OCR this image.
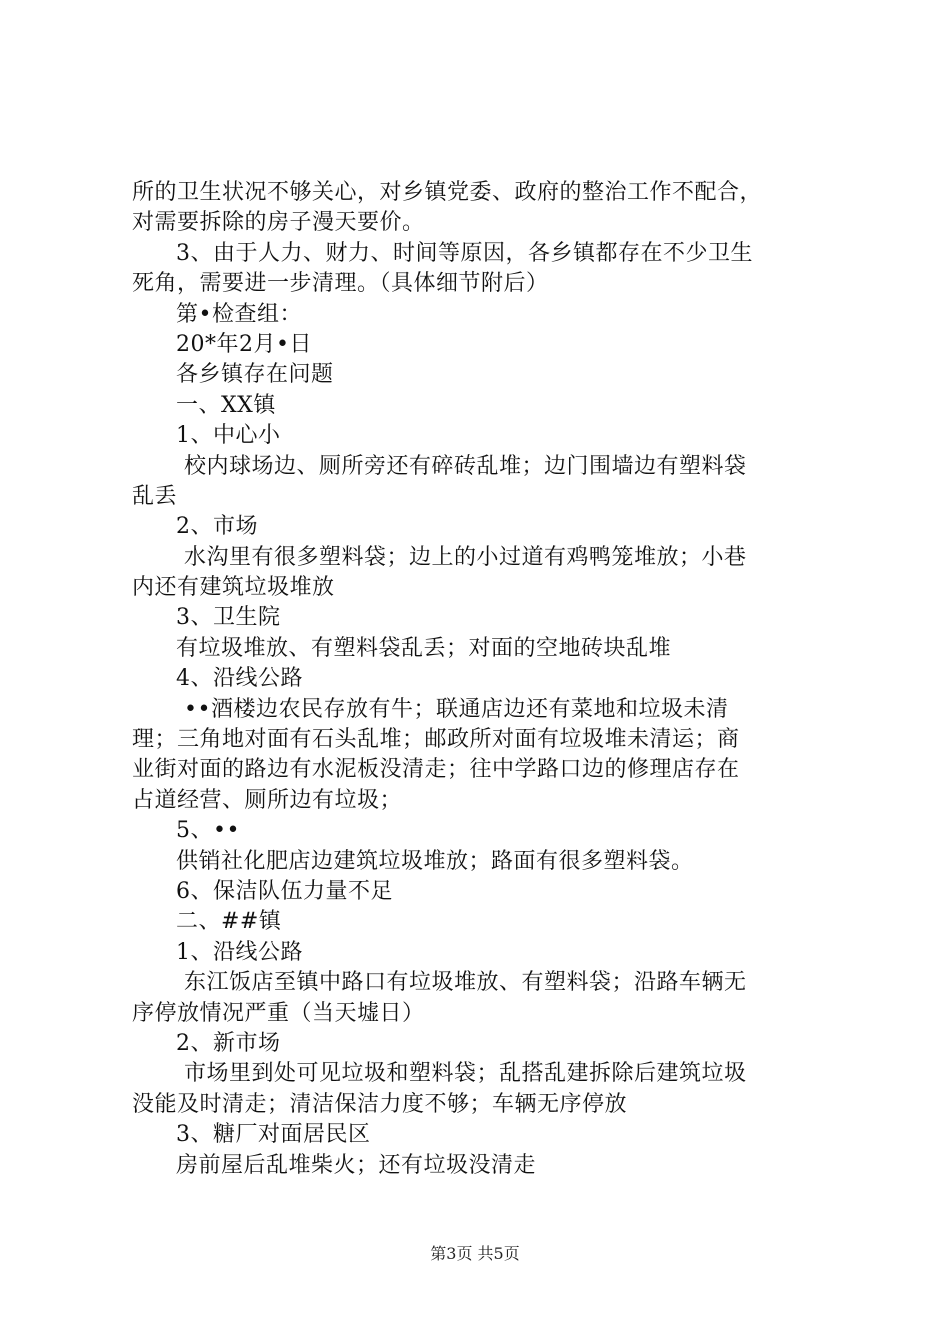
所的卫生状况不够关心，对乡镇党委、政府的整治工作不配合，
对需要拆除的房子漫天要价。
3、由于人力、财力、时间等原因，各乡镇都存在不少卫生
死角，需要进一步清理。（具体细节附后）
第•检查组：
20*年2月•日
各乡镇存在问题
一、XX镇
1、中心小
校内球场边、厕所旁还有碎砖乱堆；边门围墙边有塑料袋
乱丢
2、市场
水沟里有很多塑料袋；边上的小过道有鸡鸭笼堆放；小巷
内还有建筑垃圾堆放
3、卫生院
有垃圾堆放、有塑料袋乱丢；对面的空地砖块乱堆
4、沿线公路
••酒楼边农民存放有牛；联通店边还有菜地和垃圾未清
理；三角地对面有石头乱堆；邮政所对面有垃圾堆未清运；商
业街对面的路边有水泥板没清走；往中学路口边的修理店存在
占道经营、厕所边有垃圾；
5、••
供销社化肥店边建筑垃圾堆放；路面有很多塑料袋。
6、保洁队伍力量不足
二、##镇
1、沿线公路
东江饭店至镇中路口有垃圾堆放、有塑料袋；沿路车辆无
序停放情况严重（当天墟日）
2、新市场
市场里到处可见垃圾和塑料袋；乱搭乱建拆除后建筑垃圾
没能及时清走；清洁保洁力度不够；车辆无序停放
3、糖厂对面居民区
房前屋后乱堆柴火；还有垃圾没清走
第3页 共5页
